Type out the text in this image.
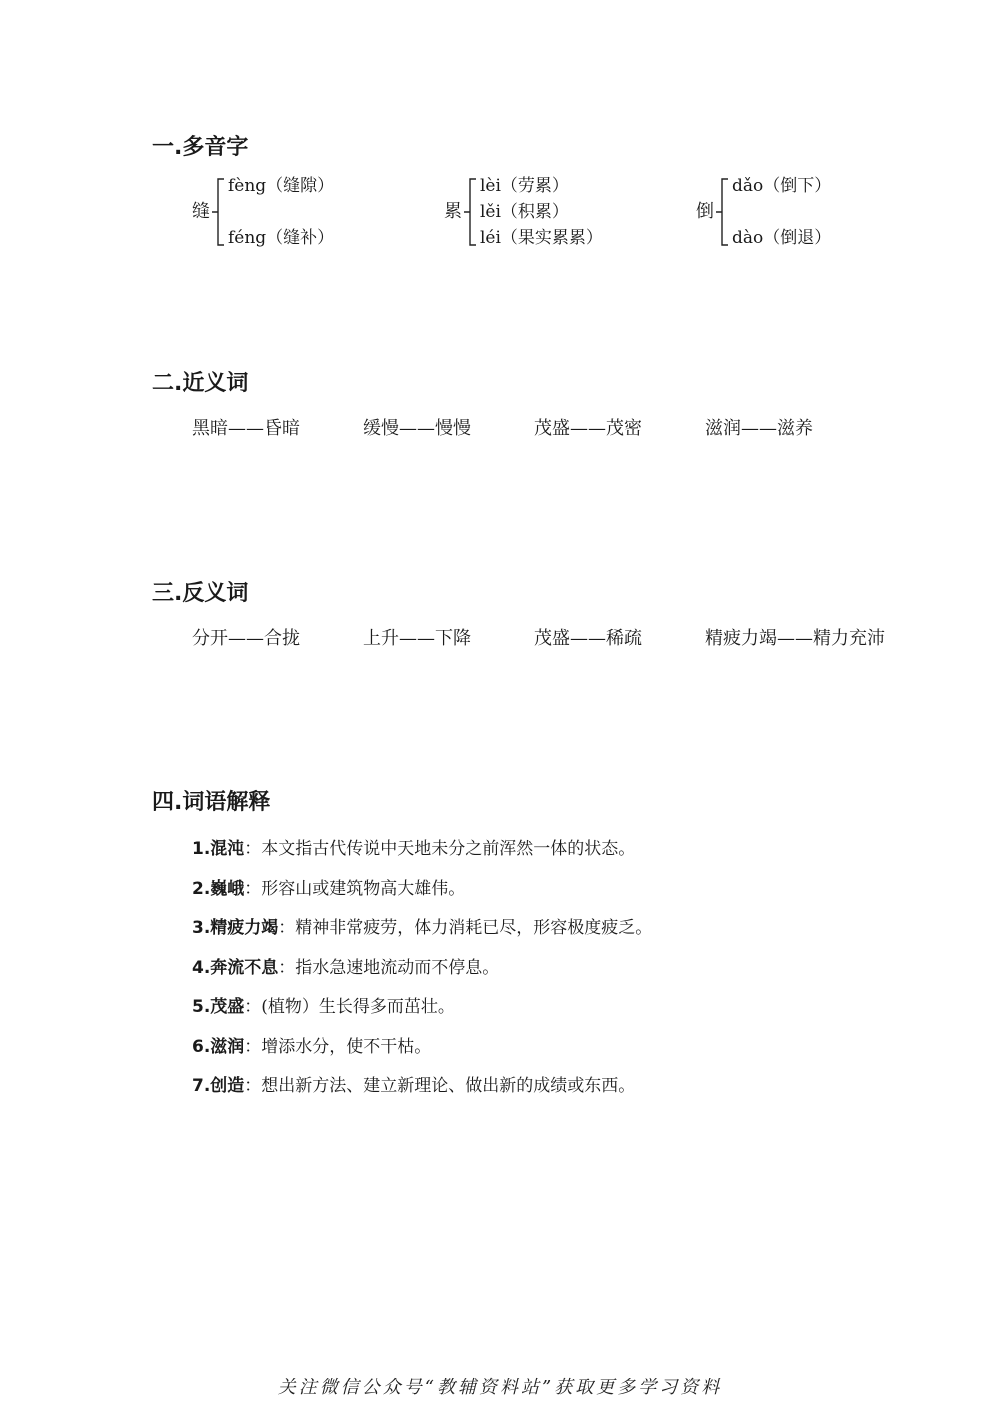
一.多音字
缝
fèng（缝隙）
féng（缝补）
累
lèi（劳累）
lěi（积累）
léi（果实累累）
倒
dǎo（倒下）
dào（倒退）
二.近义词
黑暗——昏暗	缓慢——慢慢	茂盛——茂密	滋润——滋养
三.反义词
分开——合拢	上升——下降	茂盛——稀疏	精疲力竭——精力充沛
四.词语解释
1.混沌：本文指古代传说中天地未分之前浑然一体的状态。
2.巍峨：形容山或建筑物高大雄伟。
3.精疲力竭：精神非常疲劳，体力消耗已尽，形容极度疲乏。
4.奔流不息：指水急速地流动而不停息。
5.茂盛：(植物）生长得多而茁壮。
6.滋润：增添水分，使不干枯。
7.创造：想出新方法、建立新理论、做出新的成绩或东西。
关注微信公众号“教辅资料站”获取更多学习资料
